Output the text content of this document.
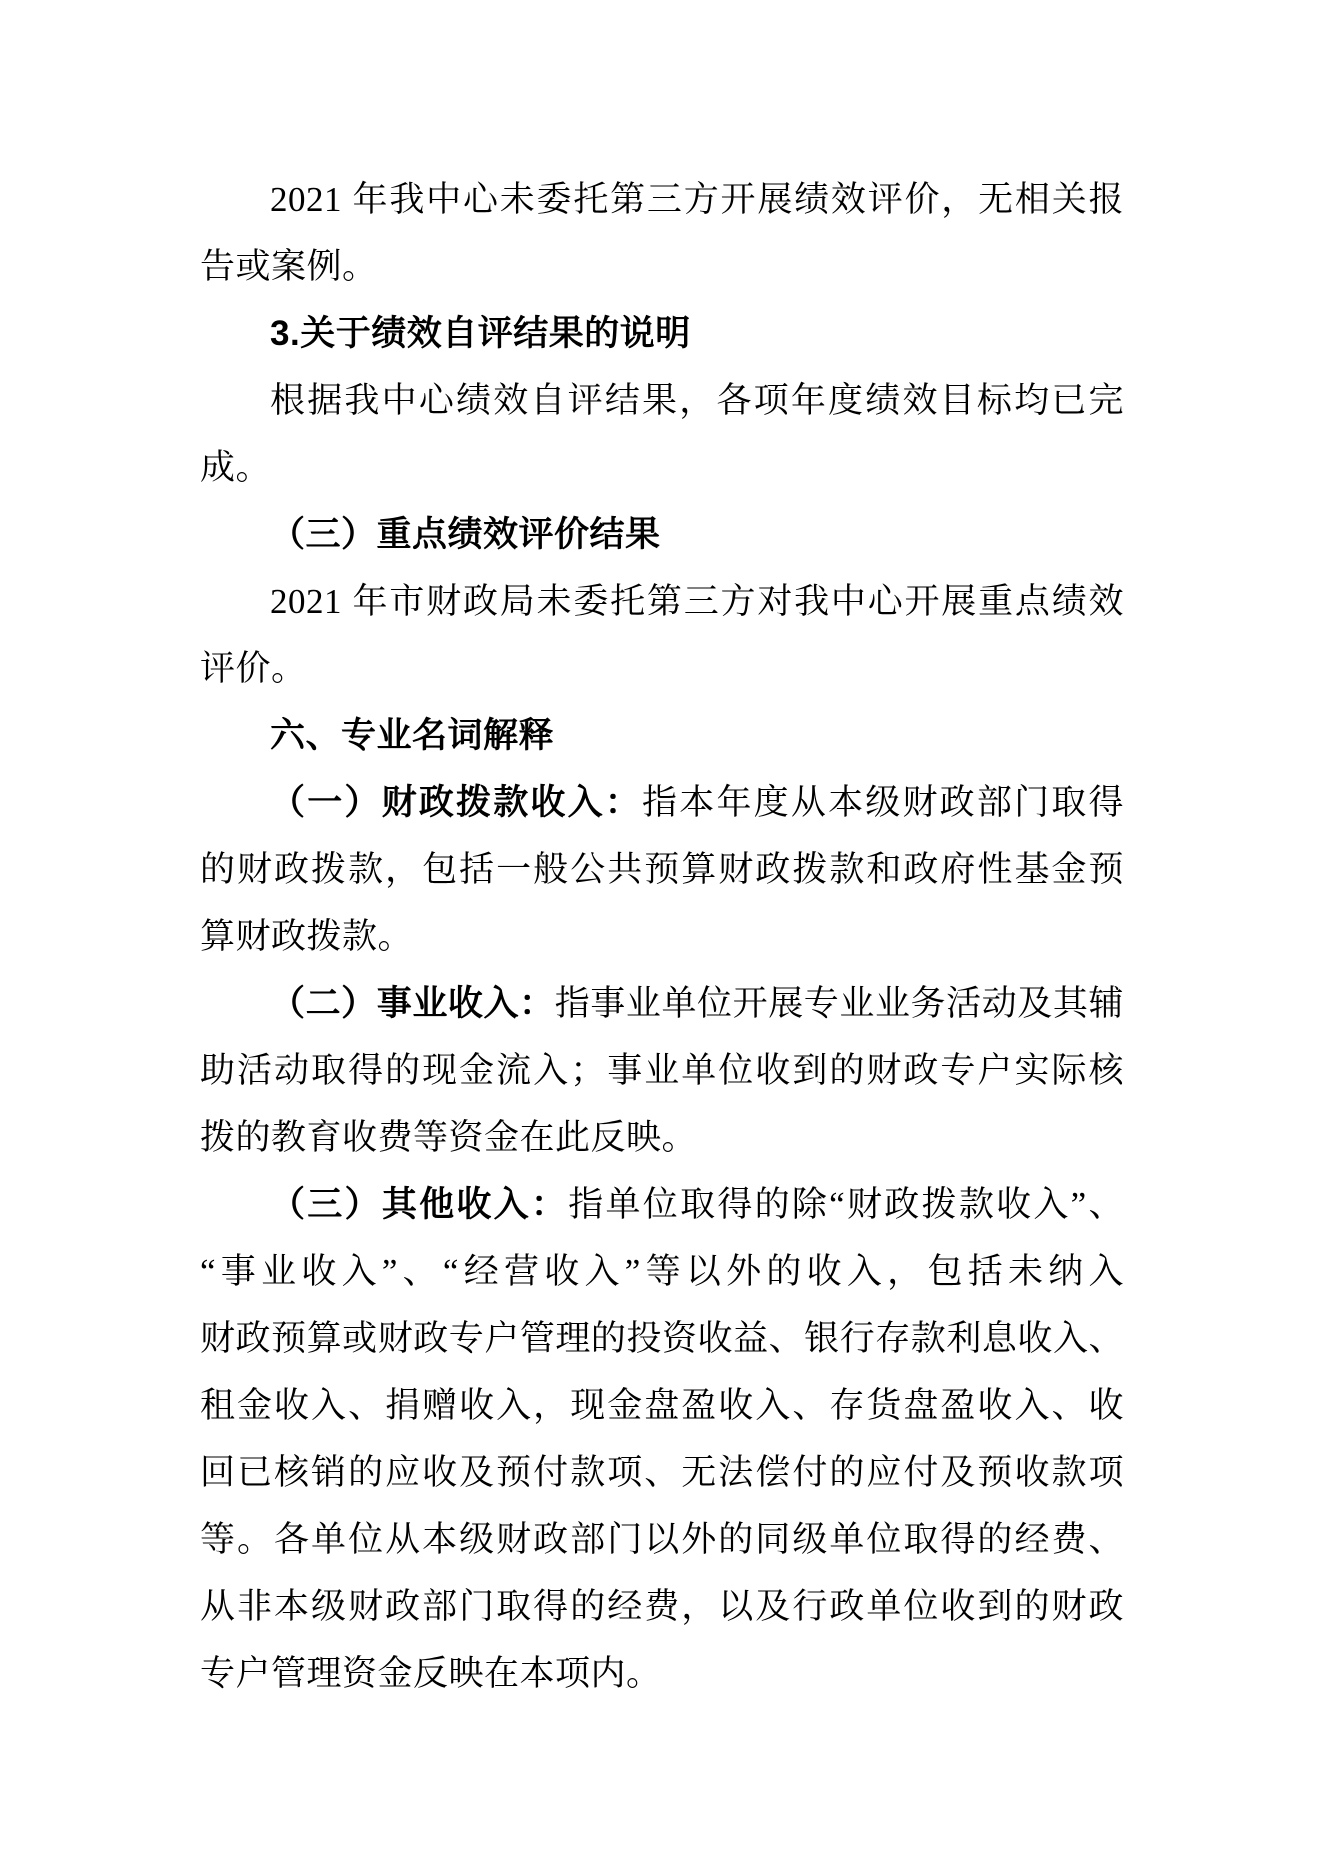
2021 年我中心未委托第三方开展绩效评价，无相关报
告或案例。
3.关于绩效自评结果的说明
根据我中心绩效自评结果，各项年度绩效目标均已完
成。
（三）重点绩效评价结果
2021 年市财政局未委托第三方对我中心开展重点绩效
评价。
六、专业名词解释
（一）财政拨款收入：指本年度从本级财政部门取得
的财政拨款，包括一般公共预算财政拨款和政府性基金预
算财政拨款。
（二）事业收入：指事业单位开展专业业务活动及其辅
助活动取得的现金流入；事业单位收到的财政专户实际核
拨的教育收费等资金在此反映。
（三）其他收入：指单位取得的除“财政拨款收入”、
“事业收入”、“经营收入”等以外的收入，包括未纳入
财政预算或财政专户管理的投资收益、银行存款利息收入、
租金收入、捐赠收入，现金盘盈收入、存货盘盈收入、收
回已核销的应收及预付款项、无法偿付的应付及预收款项
等。各单位从本级财政部门以外的同级单位取得的经费、
从非本级财政部门取得的经费，以及行政单位收到的财政
专户管理资金反映在本项内。
